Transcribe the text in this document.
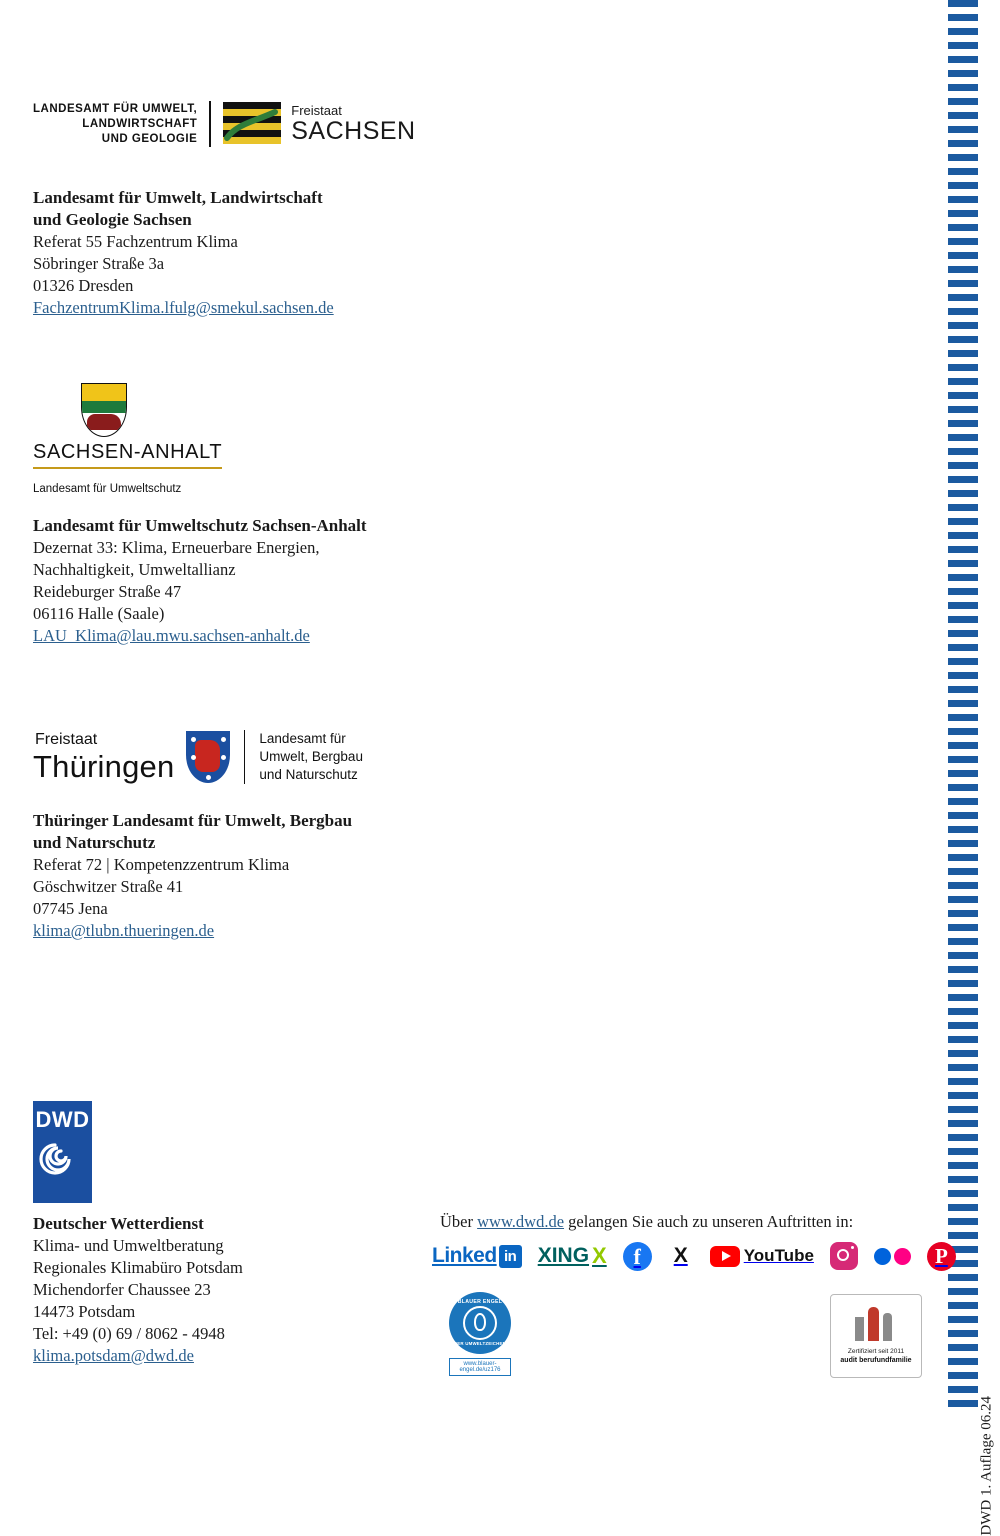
DWD 1. Auflage 06.24
LANDESAMT FÜR UMWELT,
LANDWIRTSCHAFT
UND GEOLOGIE
Freistaat
SACHSEN
Landesamt für Umwelt, Landwirtschaft
und Geologie Sachsen
Referat 55 Fachzentrum Klima
Söbringer Straße 3a
01326 Dresden
FachzentrumKlima.lfulg@smekul.sachsen.de
SACHSEN-ANHALT
Landesamt für Umweltschutz
Landesamt für Umweltschutz Sachsen-Anhalt
Dezernat 33: Klima, Erneuerbare Energien,
Nachhaltigkeit, Umweltallianz
Reideburger Straße 47
06116 Halle (Saale)
LAU_Klima@lau.mwu.sachsen-anhalt.de
Freistaat
Thüringen
Landesamt für
Umwelt, Bergbau
und Naturschutz
Thüringer Landesamt für Umwelt, Bergbau
und Naturschutz
Referat 72 | Kompetenzzentrum Klima
Göschwitzer Straße 41
07745 Jena
klima@tlubn.thueringen.de
DWD
Deutscher Wetterdienst
Klima- und Umweltberatung
Regionales Klimabüro Potsdam
Michendorfer Chaussee 23
14473 Potsdam
Tel: +49 (0) 69 / 8062 - 4948
klima.potsdam@dwd.de
Über www.dwd.de gelangen Sie auch zu unseren Auftritten in:
Linked in XING X	f	X	YouTube	P
BLAUER ENGEL
DER UMWELTZEICHEN
www.blauer-engel.de/uz176
Zertifiziert seit 2011
audit berufundfamilie
